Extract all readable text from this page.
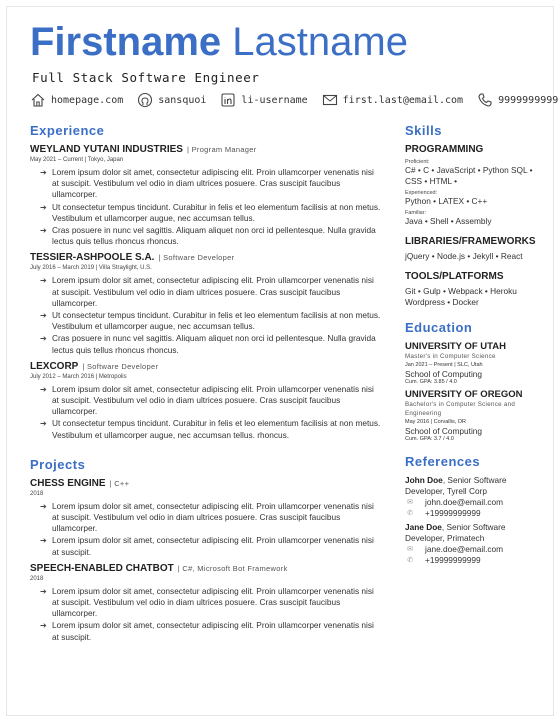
Firstname Lastname
Full Stack Software Engineer
homepage.com	sansquoi	li-username	first.last@email.com	9999999999
Experience
WEYLAND YUTANI INDUSTRIES | Program Manager
May 2021 – Current | Tokyo, Japan
➔ Lorem ipsum dolor sit amet, consectetur adipiscing elit. Proin ullamcorper venenatis nisi at suscipit. Vestibulum vel odio in diam ultrices posuere. Cras suscipit faucibus ullamcorper.
➔ Ut consectetur tempus tincidunt. Curabitur in felis et leo elementum facilisis at non metus. Vestibulum et ullamcorper augue, nec accumsan tellus.
➔ Cras posuere in nunc vel sagittis. Aliquam aliquet non orci id pellentesque. Nulla gravida lectus quis tellus rhoncus rhoncus.
TESSIER-ASHPOOLE S.A. | Software Developer
July 2016 – March 2019 | Villa Straylight, U.S.
➔ Lorem ipsum dolor sit amet, consectetur adipiscing elit. Proin ullamcorper venenatis nisi at suscipit. Vestibulum vel odio in diam ultrices posuere. Cras suscipit faucibus ullamcorper.
➔ Ut consectetur tempus tincidunt. Curabitur in felis et leo elementum facilisis at non metus. Vestibulum et ullamcorper augue, nec accumsan tellus.
➔ Cras posuere in nunc vel sagittis. Aliquam aliquet non orci id pellentesque. Nulla gravida lectus quis tellus rhoncus rhoncus.
LEXCORP | Software Developer
July 2012 – March 2016 | Metropolis
➔ Lorem ipsum dolor sit amet, consectetur adipiscing elit. Proin ullamcorper venenatis nisi at suscipit. Vestibulum vel odio in diam ultrices posuere. Cras suscipit faucibus ullamcorper.
➔ Ut consectetur tempus tincidunt. Curabitur in felis et leo elementum facilisis at non metus. Vestibulum et ullamcorper augue, nec accumsan tellus. rhoncus.
Projects
CHESS ENGINE | C++
2018
➔ Lorem ipsum dolor sit amet, consectetur adipiscing elit. Proin ullamcorper venenatis nisi at suscipit. Vestibulum vel odio in diam ultrices posuere. Cras suscipit faucibus ullamcorper.
➔ Lorem ipsum dolor sit amet, consectetur adipiscing elit. Proin ullamcorper venenatis nisi at suscipit.
SPEECH-ENABLED CHATBOT | C#, Microsoft Bot Framework
2018
➔ Lorem ipsum dolor sit amet, consectetur adipiscing elit. Proin ullamcorper venenatis nisi at suscipit. Vestibulum vel odio in diam ultrices posuere. Cras suscipit faucibus ullamcorper.
➔ Lorem ipsum dolor sit amet, consectetur adipiscing elit. Proin ullamcorper venenatis nisi at suscipit.
Skills
PROGRAMMING
Proficient:
C# • C • JavaScript • Python SQL • CSS • HTML •
Experienced:
Python • LATEX • C++
Familiar:
Java • Shell • Assembly
LIBRARIES/FRAMEWORKS
jQuery • Node.js • Jekyll • React
TOOLS/PLATFORMS
Git • Gulp • Webpack • Heroku Wordpress • Docker
Education
UNIVERSITY OF UTAH
Master's in Computer Science
Jan 2021 – Present | SLC, Utah
School of Computing
Cum. GPA: 3.85 / 4.0
UNIVERSITY OF OREGON
Bachelor's in Computer Science and Engineering
May 2016 | Corvallis, OR
School of Computing
Cum. GPA: 3.7 / 4.0
References
John Doe, Senior Software Developer, Tyrell Corp
✉ john.doe@email.com
✆ +19999999999
Jane Doe, Senior Software Developer, Primatech
✉ jane.doe@email.com
✆ +19999999999
